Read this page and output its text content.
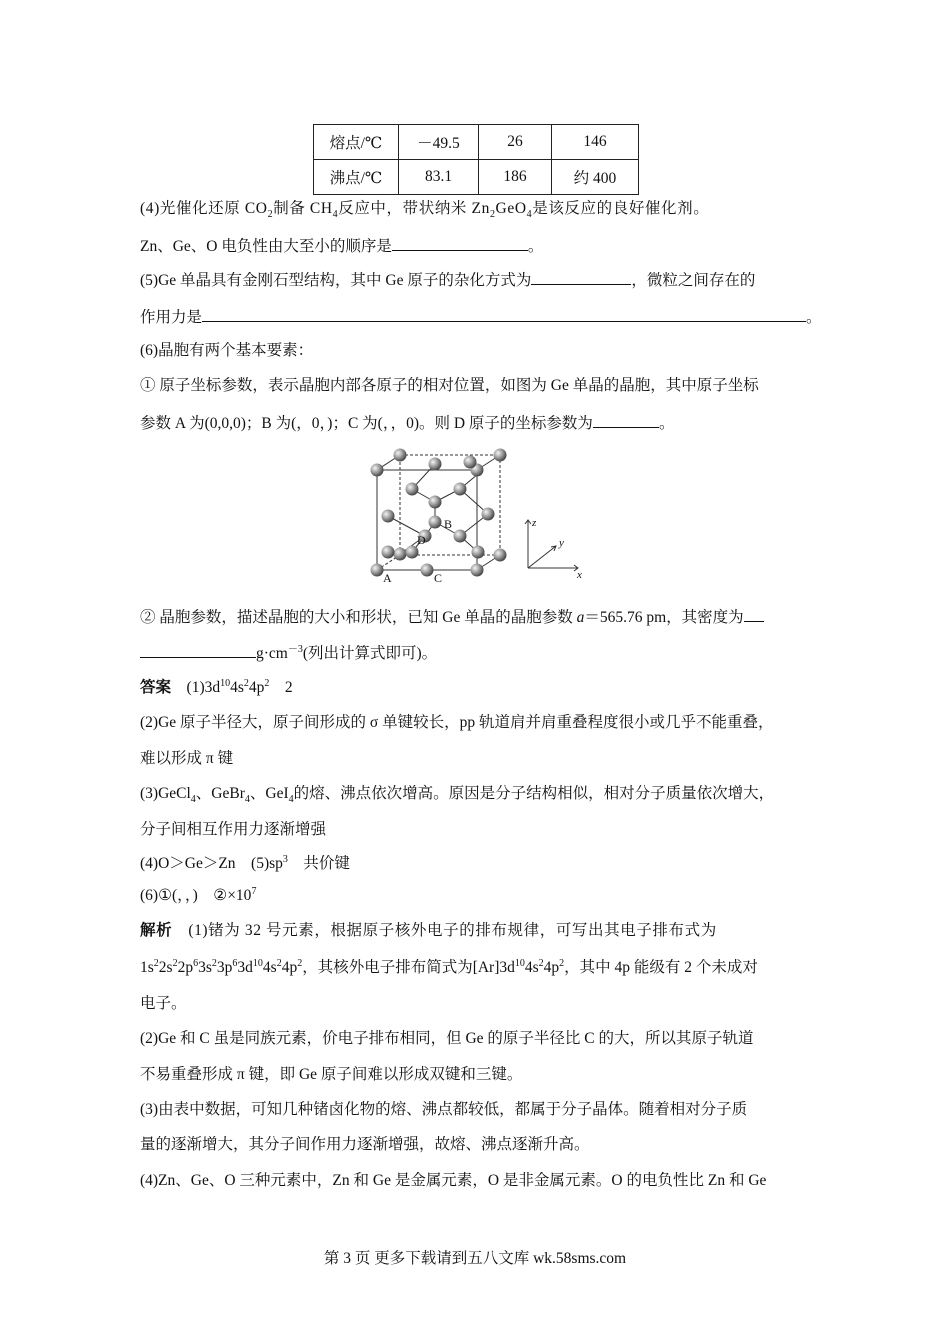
熔点/℃	－49.5	26	146
沸点/℃	83.1	186	约 400
(4)光催化还原 $CO_2$制备 $CH_4$反应中，带状纳米 $Zn_2GeO_4$是该反应的良好催化剂。
Zn、Ge、O 电负性由大至小的顺序是	。
(5)Ge 单晶具有金刚石型结构，其中 Ge 原子的杂化方式为	，微粒之间存在的
作用力是	。
(6)晶胞有两个基本要素：
① 原子坐标参数，表示晶胞内部各原子的相对位置，如图为 Ge 单晶的晶胞，其中原子坐标
参数 A 为(0,0,0)；B 为(，0，)；C 为(，，0)。则 D 原子的坐标参数为	。
B
D
A	C	x
y
z
② 晶胞参数，描述晶胞的大小和形状，已知 Ge 单晶的晶胞参数 a＝565.76 pm，其密度为
$g\cdot cm^{-3}$(列出计算式即可)。
答案　 $(1)3d^{10}4s^24p^2$　 2
(2)Ge 原子半径大，原子间形成的 σ 单键较长，pp 轨道肩并肩重叠程度很小或几乎不能重叠，
难以形成 π 键
(3)GeCl$_4$、GeBr$_4$、GeI$_4$的熔、沸点依次增高。原因是分子结构相似，相对分子质量依次增大，
分子间相互作用力逐渐增强
(4)O＞Ge＞Zn　$(5)sp^3$　共价键
(6)①(，，)　$②\times 10^7$
解析　 (1)锗为 32 号元素，根据原子核外电子的排布规律，可写出其电子排布式为
$1s^22s^22p^63s^23p^63d^{10}4s^24p^2$，其核外电子排布简式为$[Ar]3d^{10}4s^24p^2$，其中 4p 能级有 2 个未成对
电子。
(2)Ge 和 C 虽是同族元素，价电子排布相同，但 Ge 的原子半径比 C 的大，所以其原子轨道
不易重叠形成 π 键，即 Ge 原子间难以形成双键和三键。
(3)由表中数据，可知几种锗卤化物的熔、沸点都较低，都属于分子晶体。随着相对分子质
量的逐渐增大，其分子间作用力逐渐增强，故熔、沸点逐渐升高。
(4)Zn、Ge、O 三种元素中，Zn 和 Ge 是金属元素，O 是非金属元素。O 的电负性比 Zn 和 Ge
第 3 页 更多下载请到五八文库 wk.58sms.com
